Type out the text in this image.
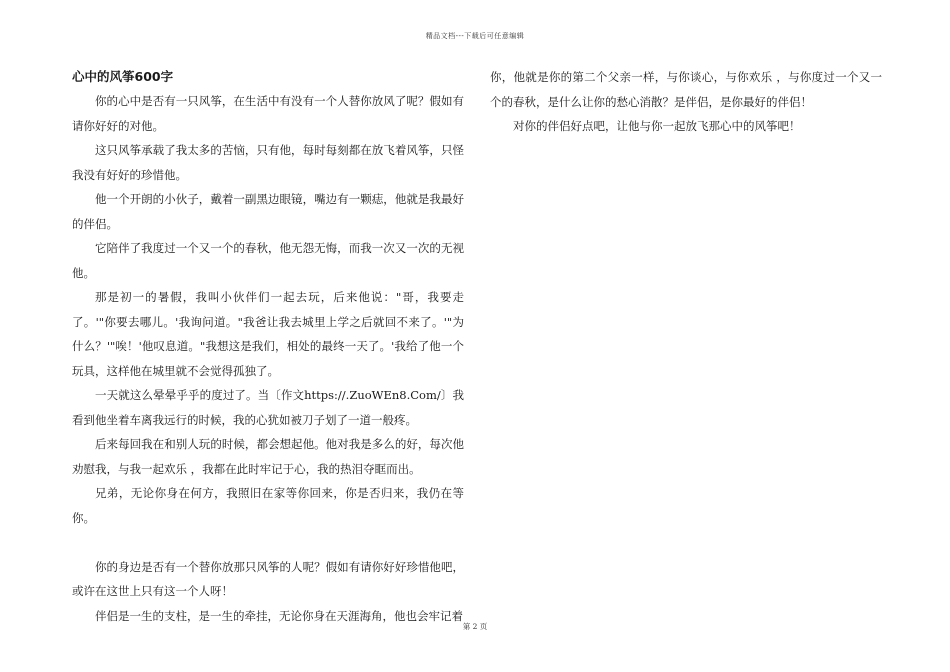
精品文档---下载后可任意编辑
心中的风筝600字

你的心中是否有一只风筝，在生活中有没有一个人替你放风了呢？假如有请你好好的对他。

这只风筝承载了我太多的苦恼，只有他，每时每刻都在放飞着风筝，只怪我没有好好的珍惜他。

他一个开朗的小伙子，戴着一副黑边眼镜，嘴边有一颗痣，他就是我最好的伴侣。

它陪伴了我度过一个又一个的春秋，他无怨无悔，而我一次又一次的无视他。

那是初一的暑假，我叫小伙伴们一起去玩，后来他说："哥，我要走了。'"你要去哪儿。'我询问道。"我爸让我去城里上学之后就回不来了。'"为什么？'"唉！'他叹息道。"我想这是我们，相处的最终一天了。'我给了他一个玩具，这样他在城里就不会觉得孤独了。

一天就这么晕晕乎乎的度过了。当〔作文https://.ZuoWEn8.Com/〕我看到他坐着车离我远行的时候，我的心犹如被刀子划了一道一般疼。

后来每回我在和别人玩的时候，都会想起他。他对我是多么的好，每次他劝慰我，与我一起欢乐 ，我都在此时牢记于心，我的热泪夺眶而出。

兄弟，无论你身在何方，我照旧在家等你回来，你是否归来，我仍在等你。

你的身边是否有一个替你放那只风筝的人呢？假如有请你好好珍惜他吧，或许在这世上只有这一个人呀！

伴侣是一生的支柱，是一生的牵挂，无论你身在天涯海角，他也会牢记着

你，他就是你的第二个父亲一样，与你谈心，与你欢乐 ，与你度过一个又一个的春秋，是什么让你的愁心消散？是伴侣，是你最好的伴侣！

对你的伴侣好点吧，让他与你一起放飞那心中的风筝吧！

第 2 页
